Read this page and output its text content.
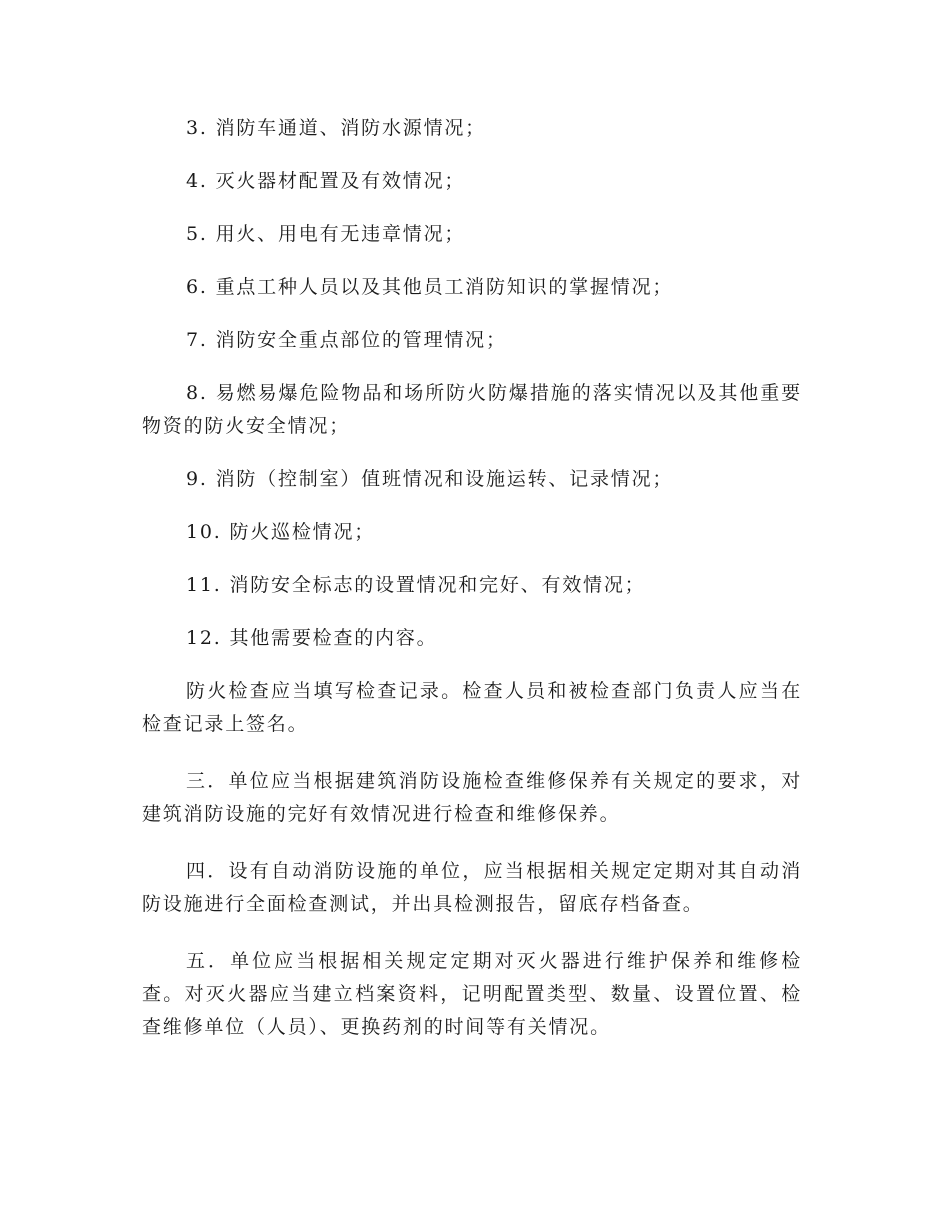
3. 消防车通道、消防水源情况；

4. 灭火器材配置及有效情况；

5. 用火、用电有无违章情况；

6. 重点工种人员以及其他员工消防知识的掌握情况；

7. 消防安全重点部位的管理情况；

8. 易燃易爆危险物品和场所防火防爆措施的落实情况以及其他重要物资的防火安全情况；

9. 消防（控制室）值班情况和设施运转、记录情况；

10. 防火巡检情况；

11. 消防安全标志的设置情况和完好、有效情况；

12. 其他需要检查的内容。

防火检查应当填写检查记录。检查人员和被检查部门负责人应当在检查记录上签名。

三．单位应当根据建筑消防设施检查维修保养有关规定的要求，对建筑消防设施的完好有效情况进行检查和维修保养。

四．设有自动消防设施的单位，应当根据相关规定定期对其自动消防设施进行全面检查测试，并出具检测报告，留底存档备查。

五．单位应当根据相关规定定期对灭火器进行维护保养和维修检查。对灭火器应当建立档案资料，记明配置类型、数量、设置位置、检查维修单位（人员）、更换药剂的时间等有关情况。
